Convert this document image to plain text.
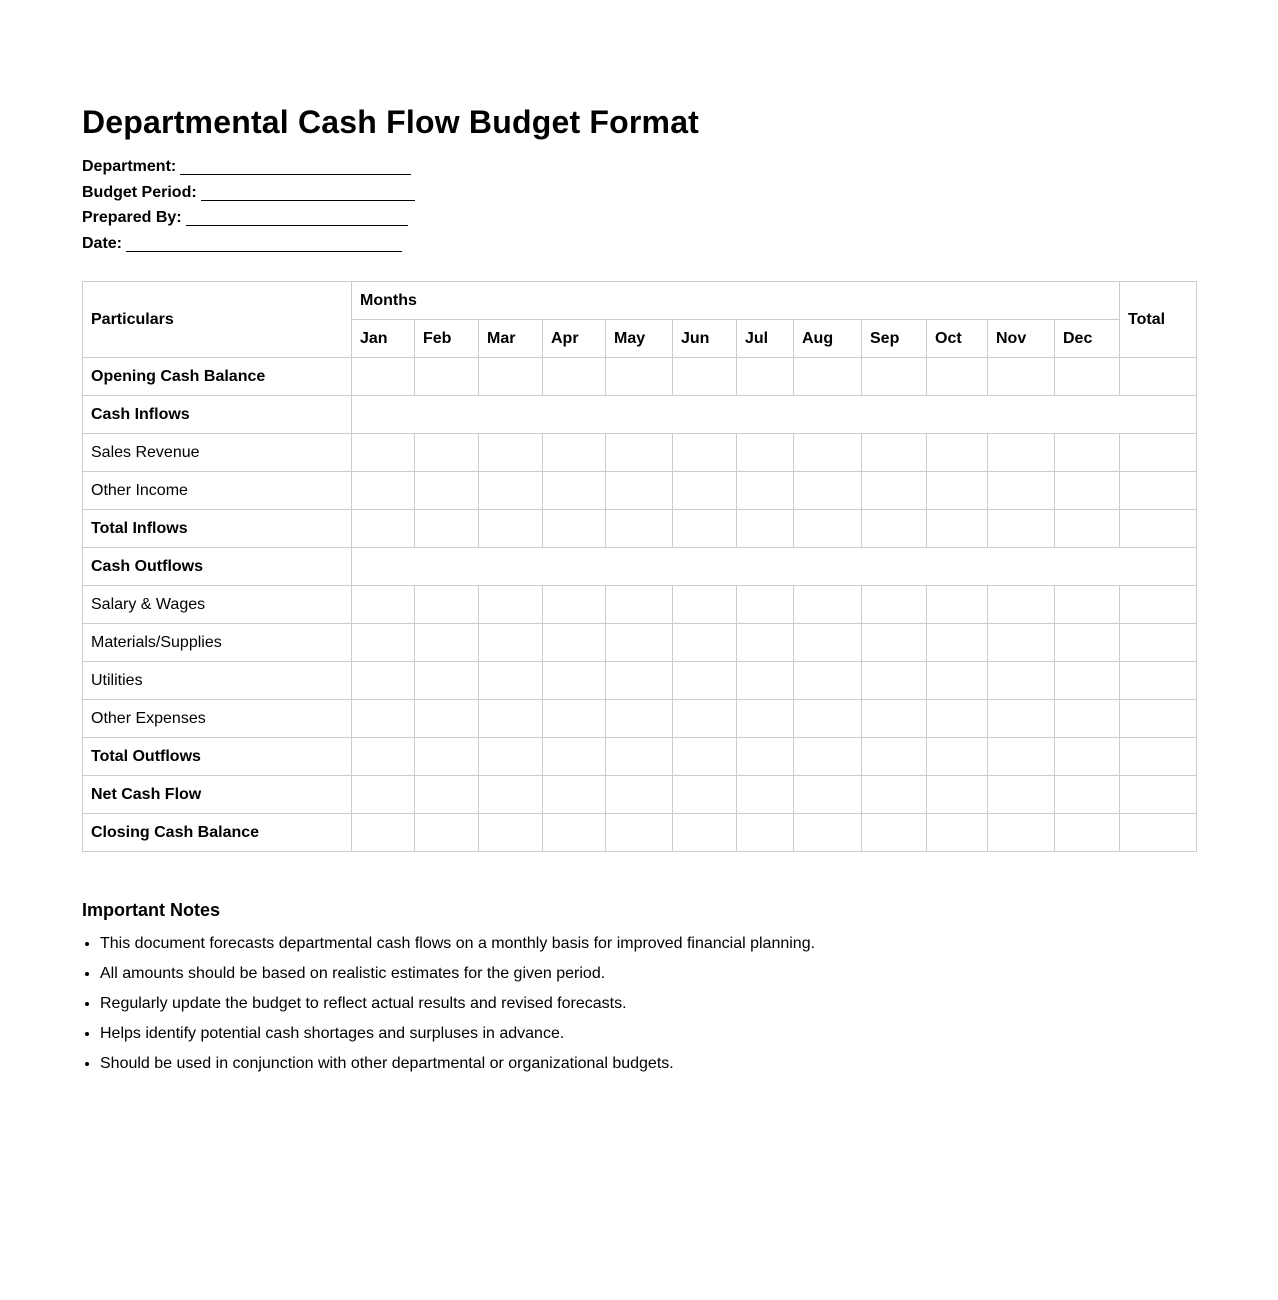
Departmental Cash Flow Budget Format
Department:
Budget Period:
Prepared By:
Date:
Particulars	Months												Total
	Jan	Feb	Mar	Apr	May	Jun	Jul	Aug	Sep	Oct	Nov	Dec	
Opening Cash Balance													
Cash Inflows													
Sales Revenue													
Other Income													
Total Inflows													
Cash Outflows													
Salary & Wages													
Materials/Supplies													
Utilities													
Other Expenses													
Total Outflows													
Net Cash Flow													
Closing Cash Balance													
Important Notes
• This document forecasts departmental cash flows on a monthly basis for improved financial planning.
• All amounts should be based on realistic estimates for the given period.
• Regularly update the budget to reflect actual results and revised forecasts.
• Helps identify potential cash shortages and surpluses in advance.
• Should be used in conjunction with other departmental or organizational budgets.
